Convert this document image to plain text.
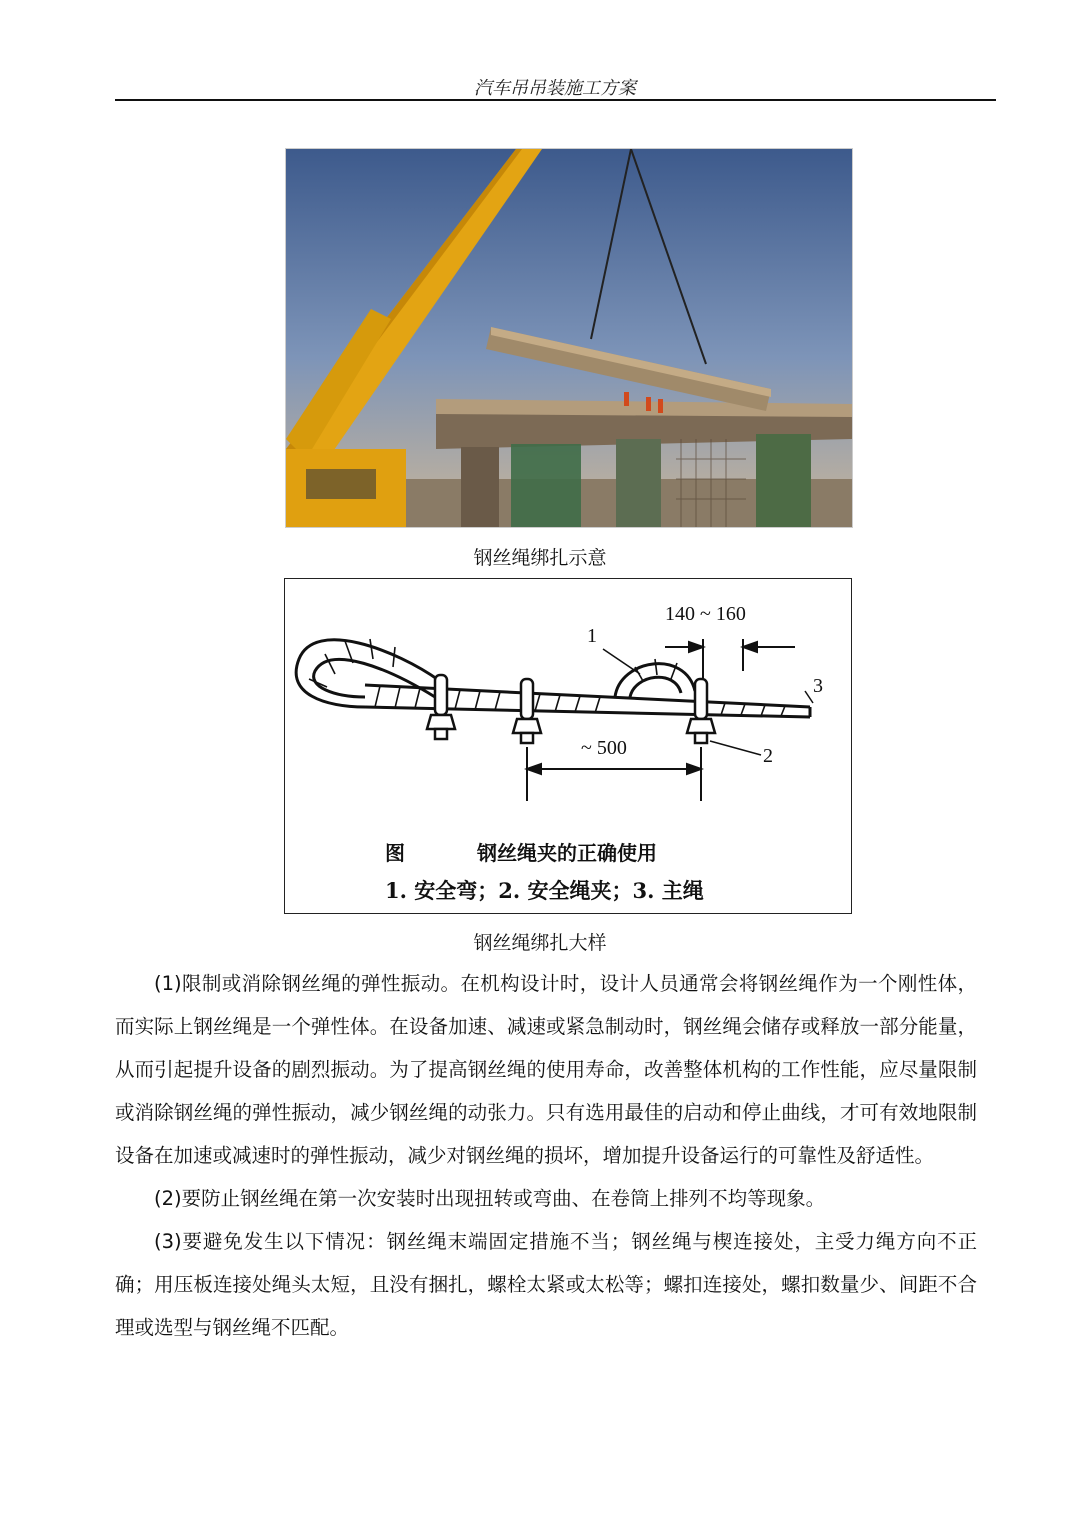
汽车吊吊装施工方案
钢丝绳绑扎示意
140 ~ 160
~ 500
1
2
3
图	钢丝绳夹的正确使用
1. 安全弯；2. 安全绳夹；3. 主绳
钢丝绳绑扎大样

(1)限制或消除钢丝绳的弹性振动。在机构设计时，设计人员通常会将钢丝绳作为一个刚性体，而实际上钢丝绳是一个弹性体。在设备加速、减速或紧急制动时，钢丝绳会储存或释放一部分能量，从而引起提升设备的剧烈振动。为了提高钢丝绳的使用寿命，改善整体机构的工作性能，应尽量限制或消除钢丝绳的弹性振动，减少钢丝绳的动张力。只有选用最佳的启动和停止曲线，才可有效地限制设备在加速或减速时的弹性振动，减少对钢丝绳的损坏，增加提升设备运行的可靠性及舒适性。

(2)要防止钢丝绳在第一次安装时出现扭转或弯曲、在卷筒上排列不均等现象。

(3)要避免发生以下情况：钢丝绳末端固定措施不当；钢丝绳与楔连接处，主受力绳方向不正确；用压板连接处绳头太短，且没有捆扎，螺栓太紧或太松等；螺扣连接处，螺扣数量少、间距不合理或选型与钢丝绳不匹配。
